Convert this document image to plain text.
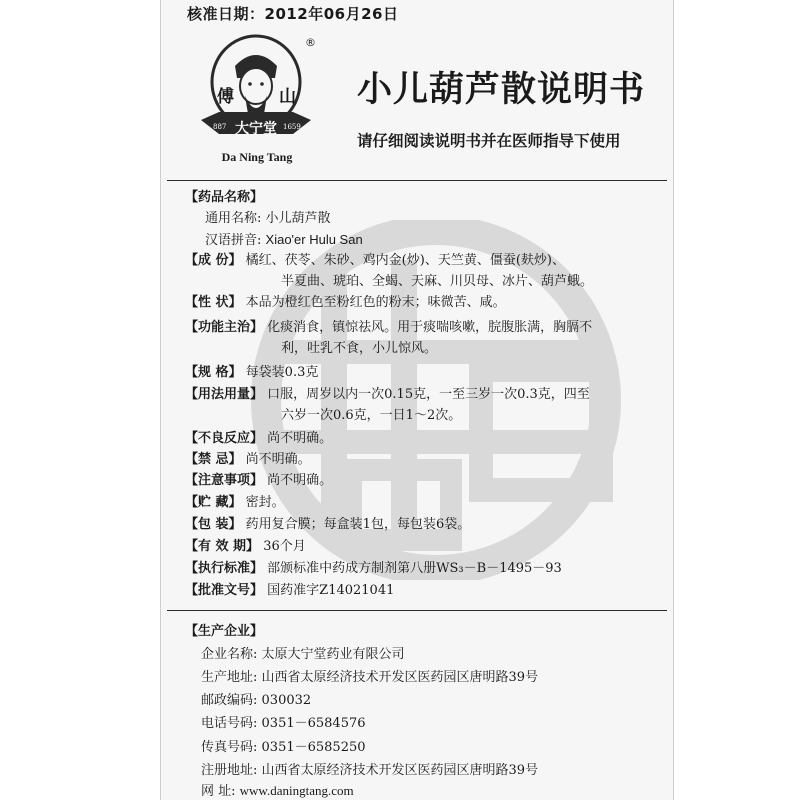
核准日期：2012年06月26日
傅	山
大宁堂
887	1659
®
Da Ning Tang
小儿葫芦散说明书
请仔细阅读说明书并在医师指导下使用
【药品名称】
通用名称: 小儿葫芦散
汉语拼音: Xiao'er Hulu San
【成 份】 橘红、茯苓、朱砂、鸡内金(炒)、天竺黄、僵蚕(麸炒)、
半夏曲、琥珀、全蝎、天麻、川贝母、冰片、葫芦蛾。
【性 状】 本品为橙红色至粉红色的粉末；味微苦、咸。
【功能主治】 化痰消食，镇惊祛风。用于痰喘咳嗽，脘腹胀满，胸膈不
利，吐乳不食，小儿惊风。
【规 格】 每袋装0.3克
【用法用量】 口服，周岁以内一次0.15克，一至三岁一次0.3克，四至
六岁一次0.6克，一日1～2次。
【不良反应】 尚不明确。
【禁 忌】 尚不明确。
【注意事项】 尚不明确。
【贮 藏】 密封。
【包 装】 药用复合膜；每盒装1包，每包装6袋。
【有 效 期】 36个月
【执行标准】 部颁标准中药成方制剂第八册WS₃－B－1495－93
【批准文号】 国药准字Z14021041
【生产企业】
企业名称: 太原大宁堂药业有限公司
生产地址: 山西省太原经济技术开发区医药园区唐明路39号
邮政编码: 030032
电话号码: 0351－6584576
传真号码: 0351－6585250
注册地址: 山西省太原经济技术开发区医药园区唐明路39号
网 址: www.daningtang.com
